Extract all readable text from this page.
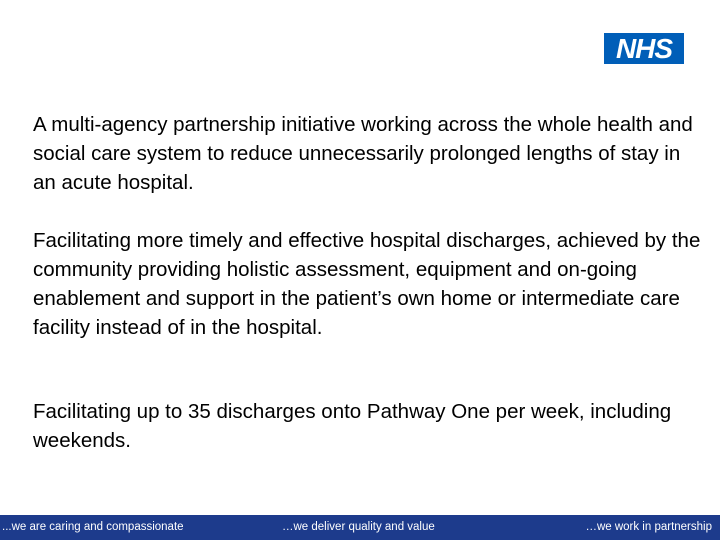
NHS

A multi-agency partnership initiative working across the whole health and social care system to reduce unnecessarily prolonged lengths of stay in an acute hospital.

Facilitating more timely and effective hospital discharges, achieved by the community providing holistic assessment, equipment and on-going enablement and support in the patient’s own home or intermediate care facility instead of in the hospital.

Facilitating up to 35 discharges onto Pathway One per week, including weekends.

...we are caring and compassionate	…we deliver quality and value	…we work in partnership
